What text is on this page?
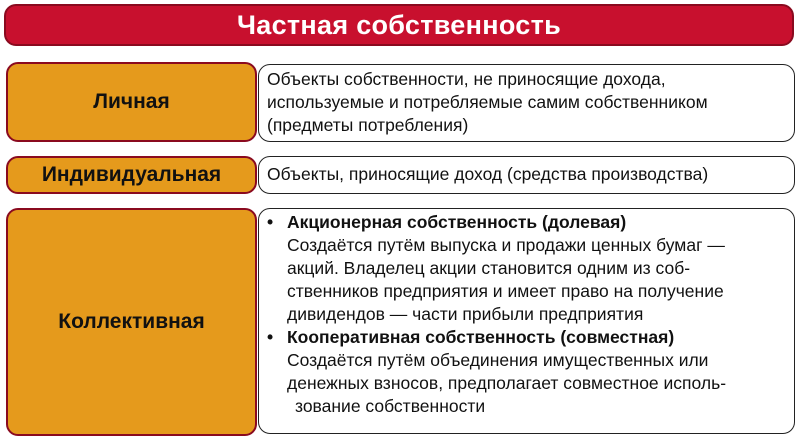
Частная собственность
Личная
Индивидуальная
Коллективная
Объекты собственности, не приносящие дохода,
используемые и потребляемые самим собственником
(предметы потребления)
Объекты, приносящие доход (средства производства)
• Акционерная собственность (долевая)
Создаётся путём выпуска и продажи ценных бумаг —
акций. Владелец акции становится одним из соб-
ственников предприятия и имеет право на получение
дивидендов — части прибыли предприятия
• Кооперативная собственность (совместная)
Создаётся путём объединения имущественных или
денежных взносов, предполагает совместное исполь-
зование собственности
